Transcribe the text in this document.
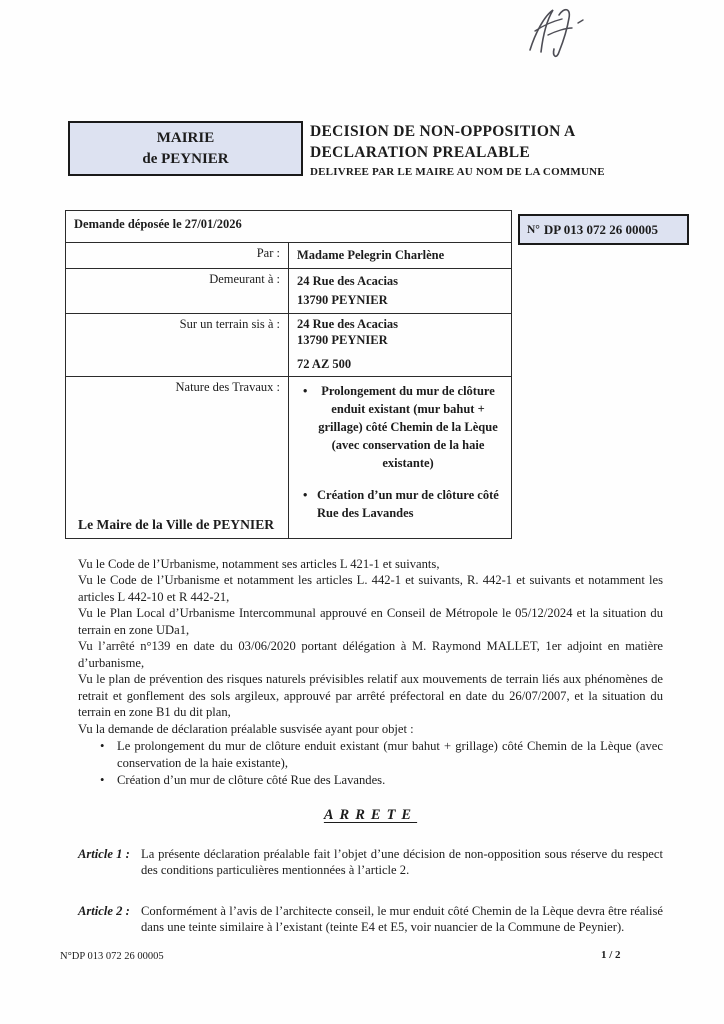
MAIRIE
de PEYNIER
DECISION DE NON-OPPOSITION A
DECLARATION PREALABLE
DELIVREE PAR LE MAIRE AU NOM DE LA COMMUNE
N° DP 013 072 26 00005
Demande déposée le 27/01/2026	
Par :	Madame Pelegrin Charlène

Demeurant à :	24 Rue des Acacias
13790 PEYNIER

Sur un terrain sis à :	24 Rue des Acacias
13790 PEYNIER
72 AZ 500

Nature des Travaux :	
•Prolongement du mur de clôture enduit existant (mur bahut + grillage) côté Chemin de la Lèque (avec conservation de la haie existante)
• Création d’un mur de clôture côté Rue des Lavandes

Le Maire de la Ville de PEYNIER

Vu le Code de l’Urbanisme, notamment ses articles L 421-1 et suivants,

Vu le Code de l’Urbanisme et notamment les articles L. 442-1 et suivants, R. 442-1 et suivants et notamment les articles L 442-10 et R 442-21,

Vu le Plan Local d’Urbanisme Intercommunal approuvé en Conseil de Métropole le 05/12/2024 et la situation du terrain en zone UDa1,

Vu l’arrêté n°139 en date du 03/06/2020 portant délégation à M. Raymond MALLET, 1er adjoint en matière d’urbanisme,

Vu le plan de prévention des risques naturels prévisibles relatif aux mouvements de terrain liés aux phénomènes de retrait et gonflement des sols argileux, approuvé par arrêté préfectoral en date du 26/07/2007, et la situation du terrain en zone B1 du dit plan,

Vu la demande de déclaration préalable susvisée ayant pour objet :

• Le prolongement du mur de clôture enduit existant (mur bahut + grillage) côté Chemin de la Lèque (avec conservation de la haie existante),
• Création d’un mur de clôture côté Rue des Lavandes.
ARRETE
Article 1 : La présente déclaration préalable fait l’objet d’une décision de non-opposition sous réserve du respect des conditions particulières mentionnées à l’article 2.
Article 2 : Conformément à l’avis de l’architecte conseil, le mur enduit côté Chemin de la Lèque devra être réalisé dans une teinte similaire à l’existant (teinte E4 et E5, voir nuancier de la Commune de Peynier).
N°DP 013 072 26 00005	1 / 2
